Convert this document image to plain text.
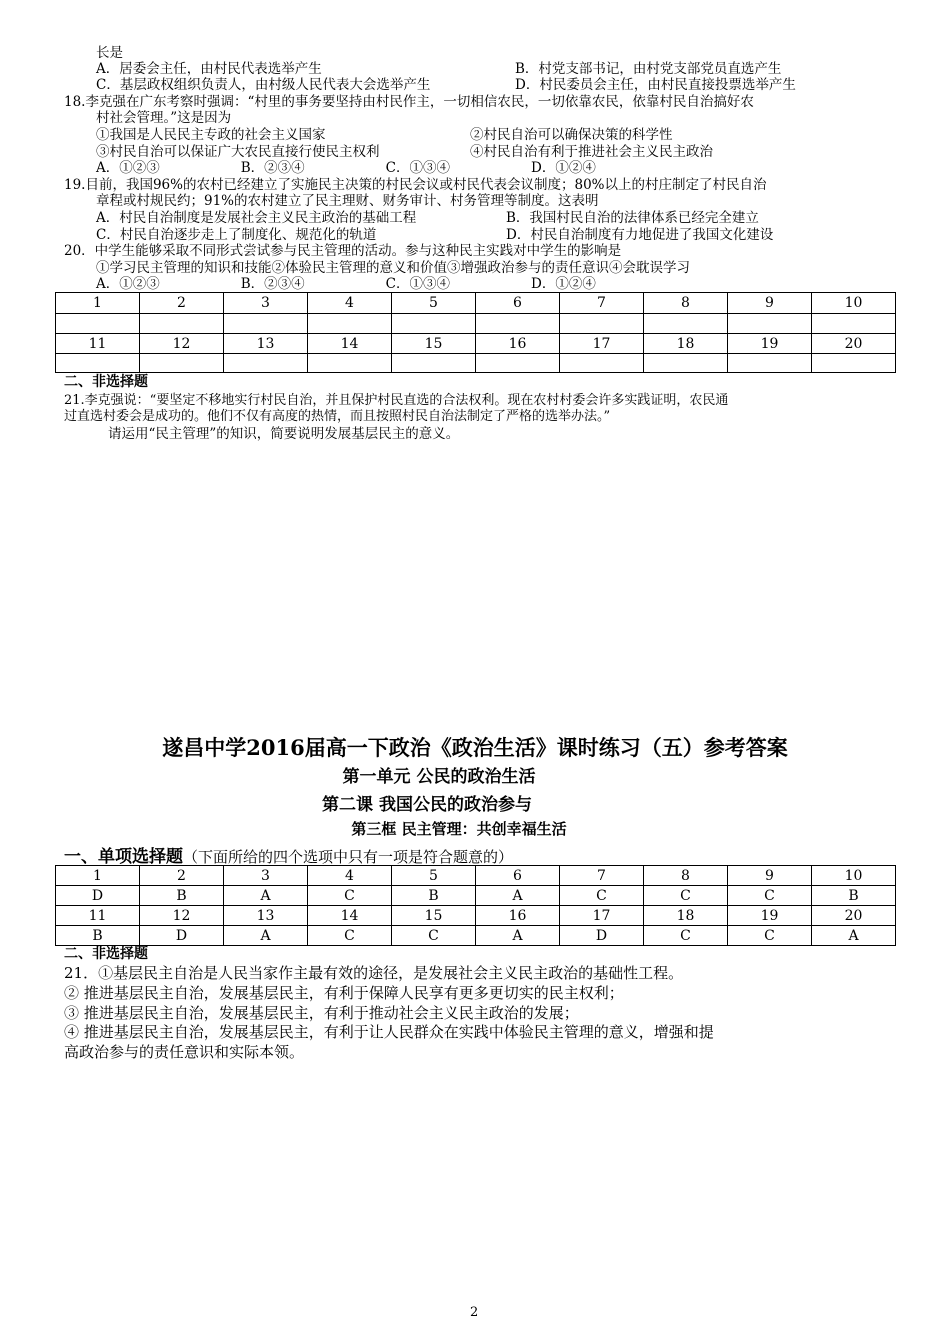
长是
A．居委会主任，由村民代表选举产生	B．村党支部书记，由村党支部党员直选产生
C．基层政权组织负责人，由村级人民代表大会选举产生	D．村民委员会主任，由村民直接投票选举产生
18.李克强在广东考察时强调：“村里的事务要坚持由村民作主，一切相信农民，一切依靠农民，依靠村民自治搞好农
村社会管理。”这是因为
①我国是人民民主专政的社会主义国家	②村民自治可以确保决策的科学性
③村民自治可以保证广大农民直接行使民主权利	④村民自治有利于推进社会主义民主政治
A．①②③　　　　　　B．②③④　　　　　　C．①③④　　　　　　D．①②④
19.目前，我国96%的农村已经建立了实施民主决策的村民会议或村民代表会议制度；80%以上的村庄制定了村民自治
章程或村规民约；91%的农村建立了民主理财、财务审计、村务管理等制度。这表明
A．村民自治制度是发展社会主义民主政治的基础工程	B．我国村民自治的法律体系已经完全建立
C．村民自治逐步走上了制度化、规范化的轨道	D．村民自治制度有力地促进了我国文化建设
20．中学生能够采取不同形式尝试参与民主管理的活动。参与这种民主实践对中学生的影响是
①学习民主管理的知识和技能②体验民主管理的意义和价值③增强政治参与的责任意识④会耽误学习
A．①②③　　　　　　B．②③④　　　　　　C．①③④　　　　　　D．①②④
1	2	3	4	5	6	7	8	9	10

11	12	13	14	15	16	17	18	19	20

二、非选择题
21.李克强说：“要坚定不移地实行村民自治，并且保护村民直选的合法权利。现在农村村委会许多实践证明，农民通
过直选村委会是成功的。他们不仅有高度的热情，而且按照村民自治法制定了严格的选举办法。”
请运用“民主管理”的知识，简要说明发展基层民主的意义。
遂昌中学2016届高一下政治《政治生活》课时练习（五）参考答案
第一单元 公民的政治生活
第二课 我国公民的政治参与
第三框 民主管理：共创幸福生活
一、单项选择题（下面所给的四个选项中只有一项是符合题意的）
1	2	3	4	5	6	7	8	9	10
D	B	A	C	B	A	C	C	C	B
11	12	13	14	15	16	17	18	19	20
B	D	A	C	C	A	D	C	C	A
二、非选择题
21．①基层民主自治是人民当家作主最有效的途径，是发展社会主义民主政治的基础性工程。
② 推进基层民主自治，发展基层民主，有利于保障人民享有更多更切实的民主权利；
③ 推进基层民主自治，发展基层民主，有利于推动社会主义民主政治的发展；
④ 推进基层民主自治，发展基层民主，有利于让人民群众在实践中体验民主管理的意义，增强和提
高政治参与的责任意识和实际本领。
2
